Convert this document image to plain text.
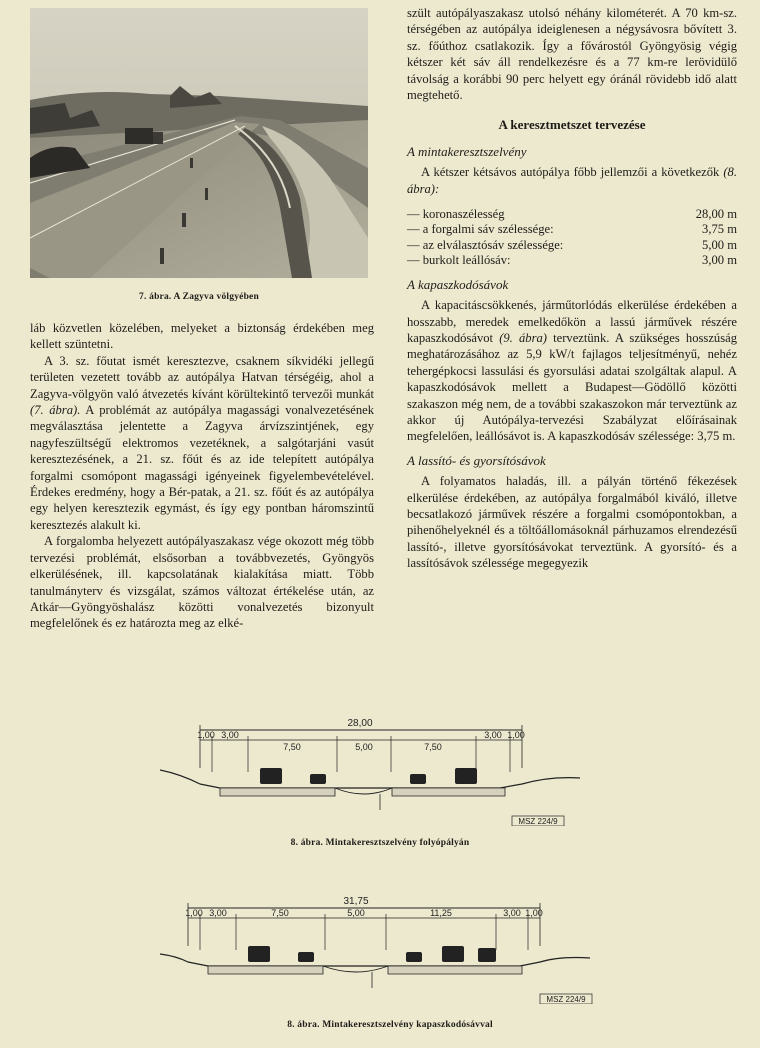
7. ábra. A Zagyva völgyében

szült autópályaszakasz utolsó néhány kilométerét. A 70 km-sz. térségében az autópálya ideiglenesen a négysávosra bővített 3. sz. főúthoz csatlakozik. Így a fővárostól Gyöngyösig végig kétszer két sáv áll rendelkezésre és a 77 km-re lerövidülő távolság a korábbi 90 perc helyett egy óránál rövidebb idő alatt megtehető.

A keresztmetszet tervezése
A mintakeresztszelvény

A kétszer kétsávos autópálya főbb jellemzői a következők (8. ábra):

— koronaszélesség	28,00 m
— a forgalmi sáv szélessége:	3,75 m
— az elválasztósáv szélessége:	5,00 m
— burkolt leállósáv:	3,00 m
A kapaszkodósávok

A kapacitáscsökkenés, járműtorlódás elkerülése érdekében a hosszabb, meredek emelkedőkön a lassú járművek részére kapaszkodósávot (9. ábra) terveztünk. A szükséges hosszúság meghatározásához az 5,9 kW/t fajlagos teljesítményű, nehéz tehergépkocsi lassulási és gyorsulási adatai szolgáltak alapul. A kapaszkodósávok mellett a Budapest—Gödöllő közötti szakaszon még nem, de a további szakaszokon már terveztünk az akkor új Autópálya-tervezési Szabályzat előírásainak megfelelően, leállósávot is. A kapaszkodósáv szélessége: 3,75 m.

A lassító- és gyorsítósávok

A folyamatos haladás, ill. a pályán történő fékezések elkerülése érdekében, az autópálya forgalmából kiváló, illetve becsatlakozó járművek részére a forgalmi csomópontokban, a pihenőhelyeknél és a töltőállomásoknál párhuzamos elrendezésű lassító-, illetve gyorsítósávokat terveztünk. A gyorsító- és a lassítósávok szélessége megegyezik

láb közvetlen közelében, melyeket a biztonság érdekében meg kellett szüntetni.

A 3. sz. főutat ismét keresztezve, csaknem síkvidéki jellegű területen vezetett tovább az autópálya Hatvan térségéig, ahol a Zagyva-völgyön való átvezetés kívánt körültekintő tervezői munkát (7. ábra). A problémát az autópálya magassági vonalvezetésének megválasztása jelentette a Zagyva árvízszintjének, egy nagyfeszültségű elektromos vezetéknek, a salgótarjáni vasút keresztezésének, a 21. sz. főút és az ide telepített autópálya forgalmi csomópont magassági igényeinek figyelembevételével. Érdekes eredmény, hogy a Bér-patak, a 21. sz. főút és az autópálya egy helyen keresztezik egymást, és így egy pontban háromszintű keresztezés alakult ki.

A forgalomba helyezett autópályaszakasz vége okozott még több tervezési problémát, elsősorban a továbbvezetés, Gyöngyös elkerülésének, ill. kapcsolatának kialakítása miatt. Több tanulmányterv és vizsgálat, számos változat értékelése után, az Atkár—Gyöngyöshalász közötti vonalvezetés bizonyult megfelelőnek és ez határozta meg az elké-

28,00
1,00 3,00
7,50	5,00	7,50
3,00 1,00
MSZ 224/9
8. ábra. Mintakeresztszelvény folyópályán
31,75
1,00 3,00	7,50	5,00	11,25	3,00 1,00
MSZ 224/9
8. ábra. Mintakeresztszelvény kapaszkodósávval
